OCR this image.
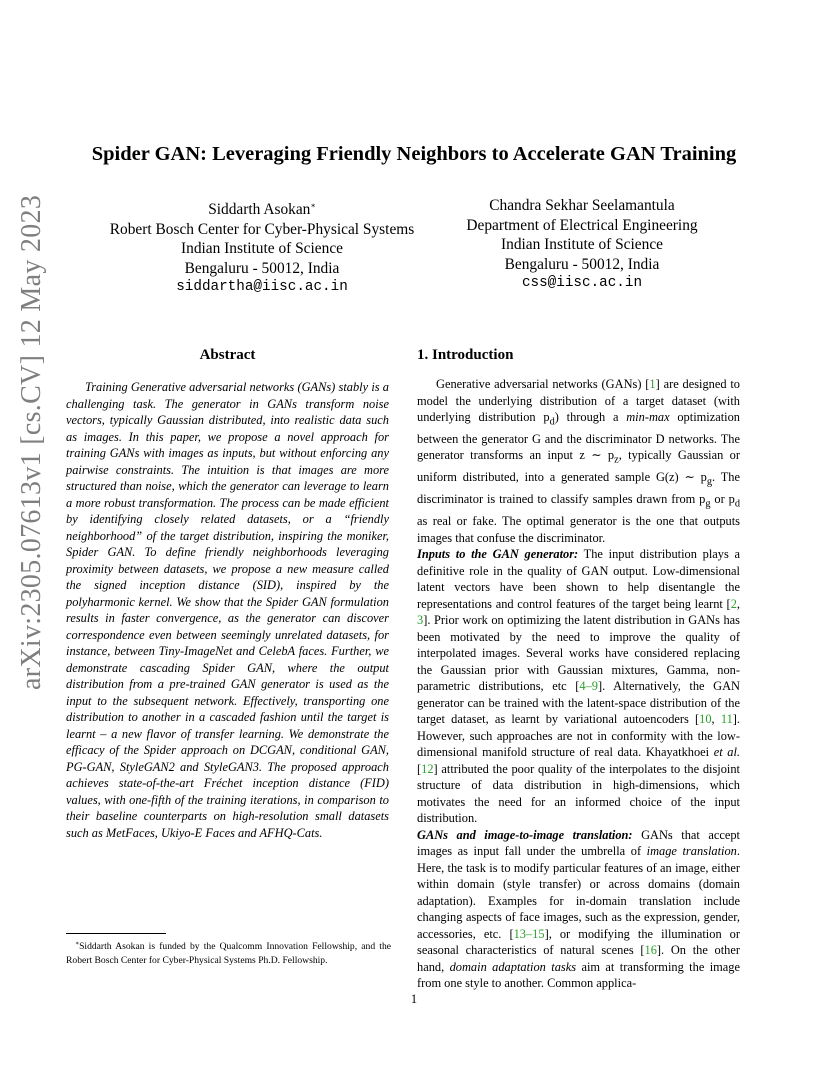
arXiv:2305.07613v1 [cs.CV] 12 May 2023
Spider GAN: Leveraging Friendly Neighbors to Accelerate GAN Training
Siddarth Asokan∗
Robert Bosch Center for Cyber-Physical Systems
Indian Institute of Science
Bengaluru - 50012, India
siddartha@iisc.ac.in
Chandra Sekhar Seelamantula
Department of Electrical Engineering
Indian Institute of Science
Bengaluru - 50012, India
css@iisc.ac.in
Abstract

Training Generative adversarial networks (GANs) stably is a challenging task. The generator in GANs transform noise vectors, typically Gaussian distributed, into realistic data such as images. In this paper, we propose a novel approach for training GANs with images as inputs, but without enforcing any pairwise constraints. The intuition is that images are more structured than noise, which the generator can leverage to learn a more robust transformation. The process can be made efficient by identifying closely related datasets, or a “friendly neighborhood” of the target distribution, inspiring the moniker, Spider GAN. To define friendly neighborhoods leveraging proximity between datasets, we propose a new measure called the signed inception distance (SID), inspired by the polyharmonic kernel. We show that the Spider GAN formulation results in faster convergence, as the generator can discover correspondence even between seemingly unrelated datasets, for instance, between Tiny-ImageNet and CelebA faces. Further, we demonstrate cascading Spider GAN, where the output distribution from a pre-trained GAN generator is used as the input to the subsequent network. Effectively, transporting one distribution to another in a cascaded fashion until the target is learnt – a new flavor of transfer learning. We demonstrate the efficacy of the Spider approach on DCGAN, conditional GAN, PG-GAN, StyleGAN2 and StyleGAN3. The proposed approach achieves state-of-the-art Fréchet inception distance (FID) values, with one-fifth of the training iterations, in comparison to their baseline counterparts on high-resolution small datasets such as MetFaces, Ukiyo-E Faces and AFHQ-Cats.

∗Siddarth Asokan is funded by the Qualcomm Innovation Fellowship, and the Robert Bosch Center for Cyber-Physical Systems Ph.D. Fellowship.

1. Introduction

Generative adversarial networks (GANs) [1] are designed to model the underlying distribution of a target dataset (with underlying distribution $p_d$) through a min-max optimization between the generator G and the discriminator D networks. The generator transforms an input z ∼ $p_z$, typically Gaussian or uniform distributed, into a generated sample G(z) ∼ $p_g$. The discriminator is trained to classify samples drawn from $p_g$ or $p_d$ as real or fake. The optimal generator is the one that outputs images that confuse the discriminator.

Inputs to the GAN generator: The input distribution plays a definitive role in the quality of GAN output. Low-dimensional latent vectors have been shown to help disentangle the representations and control features of the target being learnt [2, 3]. Prior work on optimizing the latent distribution in GANs has been motivated by the need to improve the quality of interpolated images. Several works have considered replacing the Gaussian prior with Gaussian mixtures, Gamma, non-parametric distributions, etc [4–9]. Alternatively, the GAN generator can be trained with the latent-space distribution of the target dataset, as learnt by variational autoencoders [10, 11]. However, such approaches are not in conformity with the low-dimensional manifold structure of real data. Khayatkhoei et al. [12] attributed the poor quality of the interpolates to the disjoint structure of data distribution in high-dimensions, which motivates the need for an informed choice of the input distribution.

GANs and image-to-image translation: GANs that accept images as input fall under the umbrella of image translation. Here, the task is to modify particular features of an image, either within domain (style transfer) or across domains (domain adaptation). Examples for in-domain translation include changing aspects of face images, such as the expression, gender, accessories, etc. [13–15], or modifying the illumination or seasonal characteristics of natural scenes [16]. On the other hand, domain adaptation tasks aim at transforming the image from one style to another. Common applica-

1
